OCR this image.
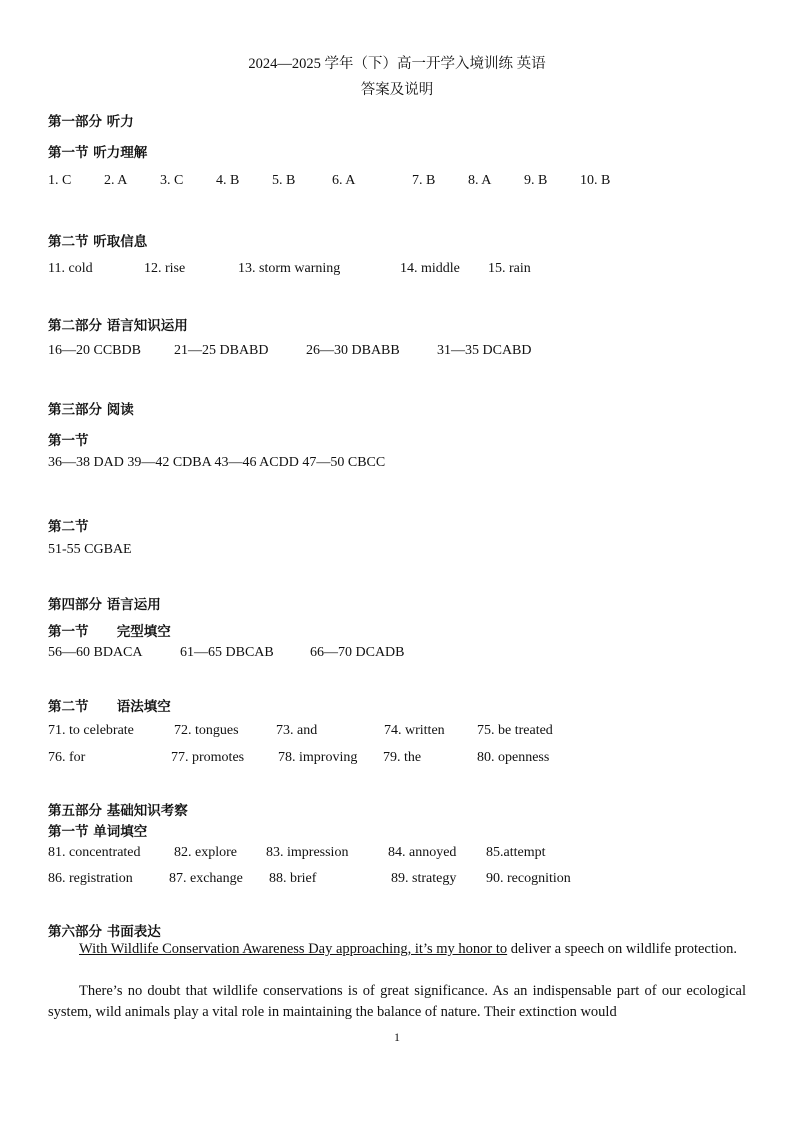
2024—2025 学年（下）高一开学入境训练 英语
答案及说明
第一部分 听力
第一节 听力理解
1. C 2. A 3. C 4. B 5. B	6. A	7. B 8. A 9. B 10. B
第二节 听取信息
11. cold	12. rise	13. storm warning	14. middle 15. rain
第二部分 语言知识运用
16—20 CCBDB 21—25 DBABD	26—30 DBABB	31—35 DCABD
第三部分 阅读
第一节
36—38 DAD 39—42 CDBA 43—46 ACDD 47—50 CBCC
第二节
51-55 CGBAE
第四部分 语言运用
第一节      完型填空
56—60 BDACA	61—65 DBCAB	66—70 DCADB
第二节      语法填空
71. to celebrate	72. tongues	73. and	74. written 75. be treated
76. for	77. promotes 78. improving 79. the	80. openness
第五部分 基础知识考察
第一节 单词填空
81. concentrated 82. explore 83. impression	84. annoyed 85.attempt
86. registration	87. exchange 88. brief	89. strategy 90. recognition
第六部分 书面表达
With Wildlife Conservation Awareness Day approaching, it’s my honor to deliver a speech on wildlife protection.
There’s no doubt that wildlife conservations is of great significance. As an indispensable part of our ecological system, wild animals play a vital role in maintaining the balance of nature. Their extinction would
1
